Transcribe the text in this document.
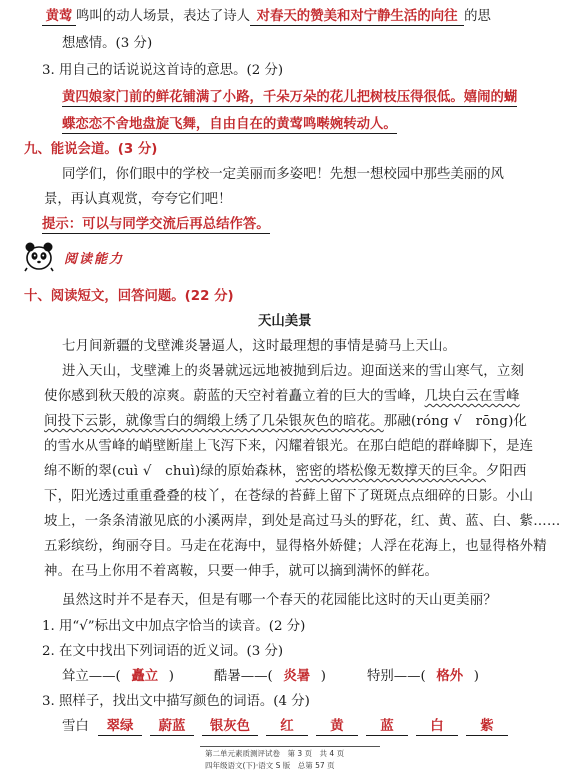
黄莺 鸣叫的动人场景，表达了诗人 对春天的赞美和对宁静生活的向往 的思
想感情。(3 分)
3. 用自己的话说说这首诗的意思。(2 分)
黄四娘家门前的鲜花铺满了小路，千朵万朵的花儿把树枝压得很低。嬉闹的蝴
蝶恋恋不舍地盘旋飞舞，自由自在的黄莺鸣啭婉转动人。
九、能说会道。(3 分)
同学们，你们眼中的学校一定美丽而多姿吧！先想一想校园中那些美丽的风
景，再认真观赏，夸夸它们吧！
提示：可以与同学交流后再总结作答。
阅读能力
十、阅读短文，回答问题。(22 分)
天山美景
七月间新疆的戈壁滩炎暑逼人，这时最理想的事情是骑马上天山。
进入天山，戈壁滩上的炎暑就远远地被抛到后边。迎面送来的雪山寒气，立刻
使你感到秋天般的凉爽。蔚蓝的天空衬着矗立着的巨大的雪峰，几块白云在雪峰
间投下云影，就像雪白的绸缎上绣了几朵银灰色的暗花。那融(róng √　rōng)化
的雪水从雪峰的峭壁断崖上飞泻下来，闪耀着银光。在那白皑皑的群峰脚下，是连
绵不断的翠(cuì √　chuì)绿的原始森林，密密的塔松像无数撑天的巨伞。夕阳西
下，阳光透过重重叠叠的枝丫，在苍绿的苔藓上留下了斑斑点点细碎的日影。小山
坡上，一条条清澈见底的小溪两岸，到处是高过马头的野花，红、黄、蓝、白、紫……
五彩缤纷，绚丽夺目。马走在花海中，显得格外娇健；人浮在花海上，也显得格外精
神。在马上你用不着离鞍，只要一伸手，就可以摘到满怀的鲜花。
虽然这时并不是春天，但是有哪一个春天的花园能比这时的天山更美丽？
1. 用“√”标出文中加点字恰当的读音。(2 分)
2. 在文中找出下列词语的近义词。(3 分)
耸立——( 矗立 )	酷暑——( 炎暑 )	特别——( 格外 )
3. 照样子，找出文中描写颜色的词语。(4 分)
雪白 翠绿 蔚蓝 银灰色 红	黄	蓝	白	紫
第二单元素质测评试卷　第 3 页　共 4 页
四年级语文(下)·语文 S 版　总第 57 页
